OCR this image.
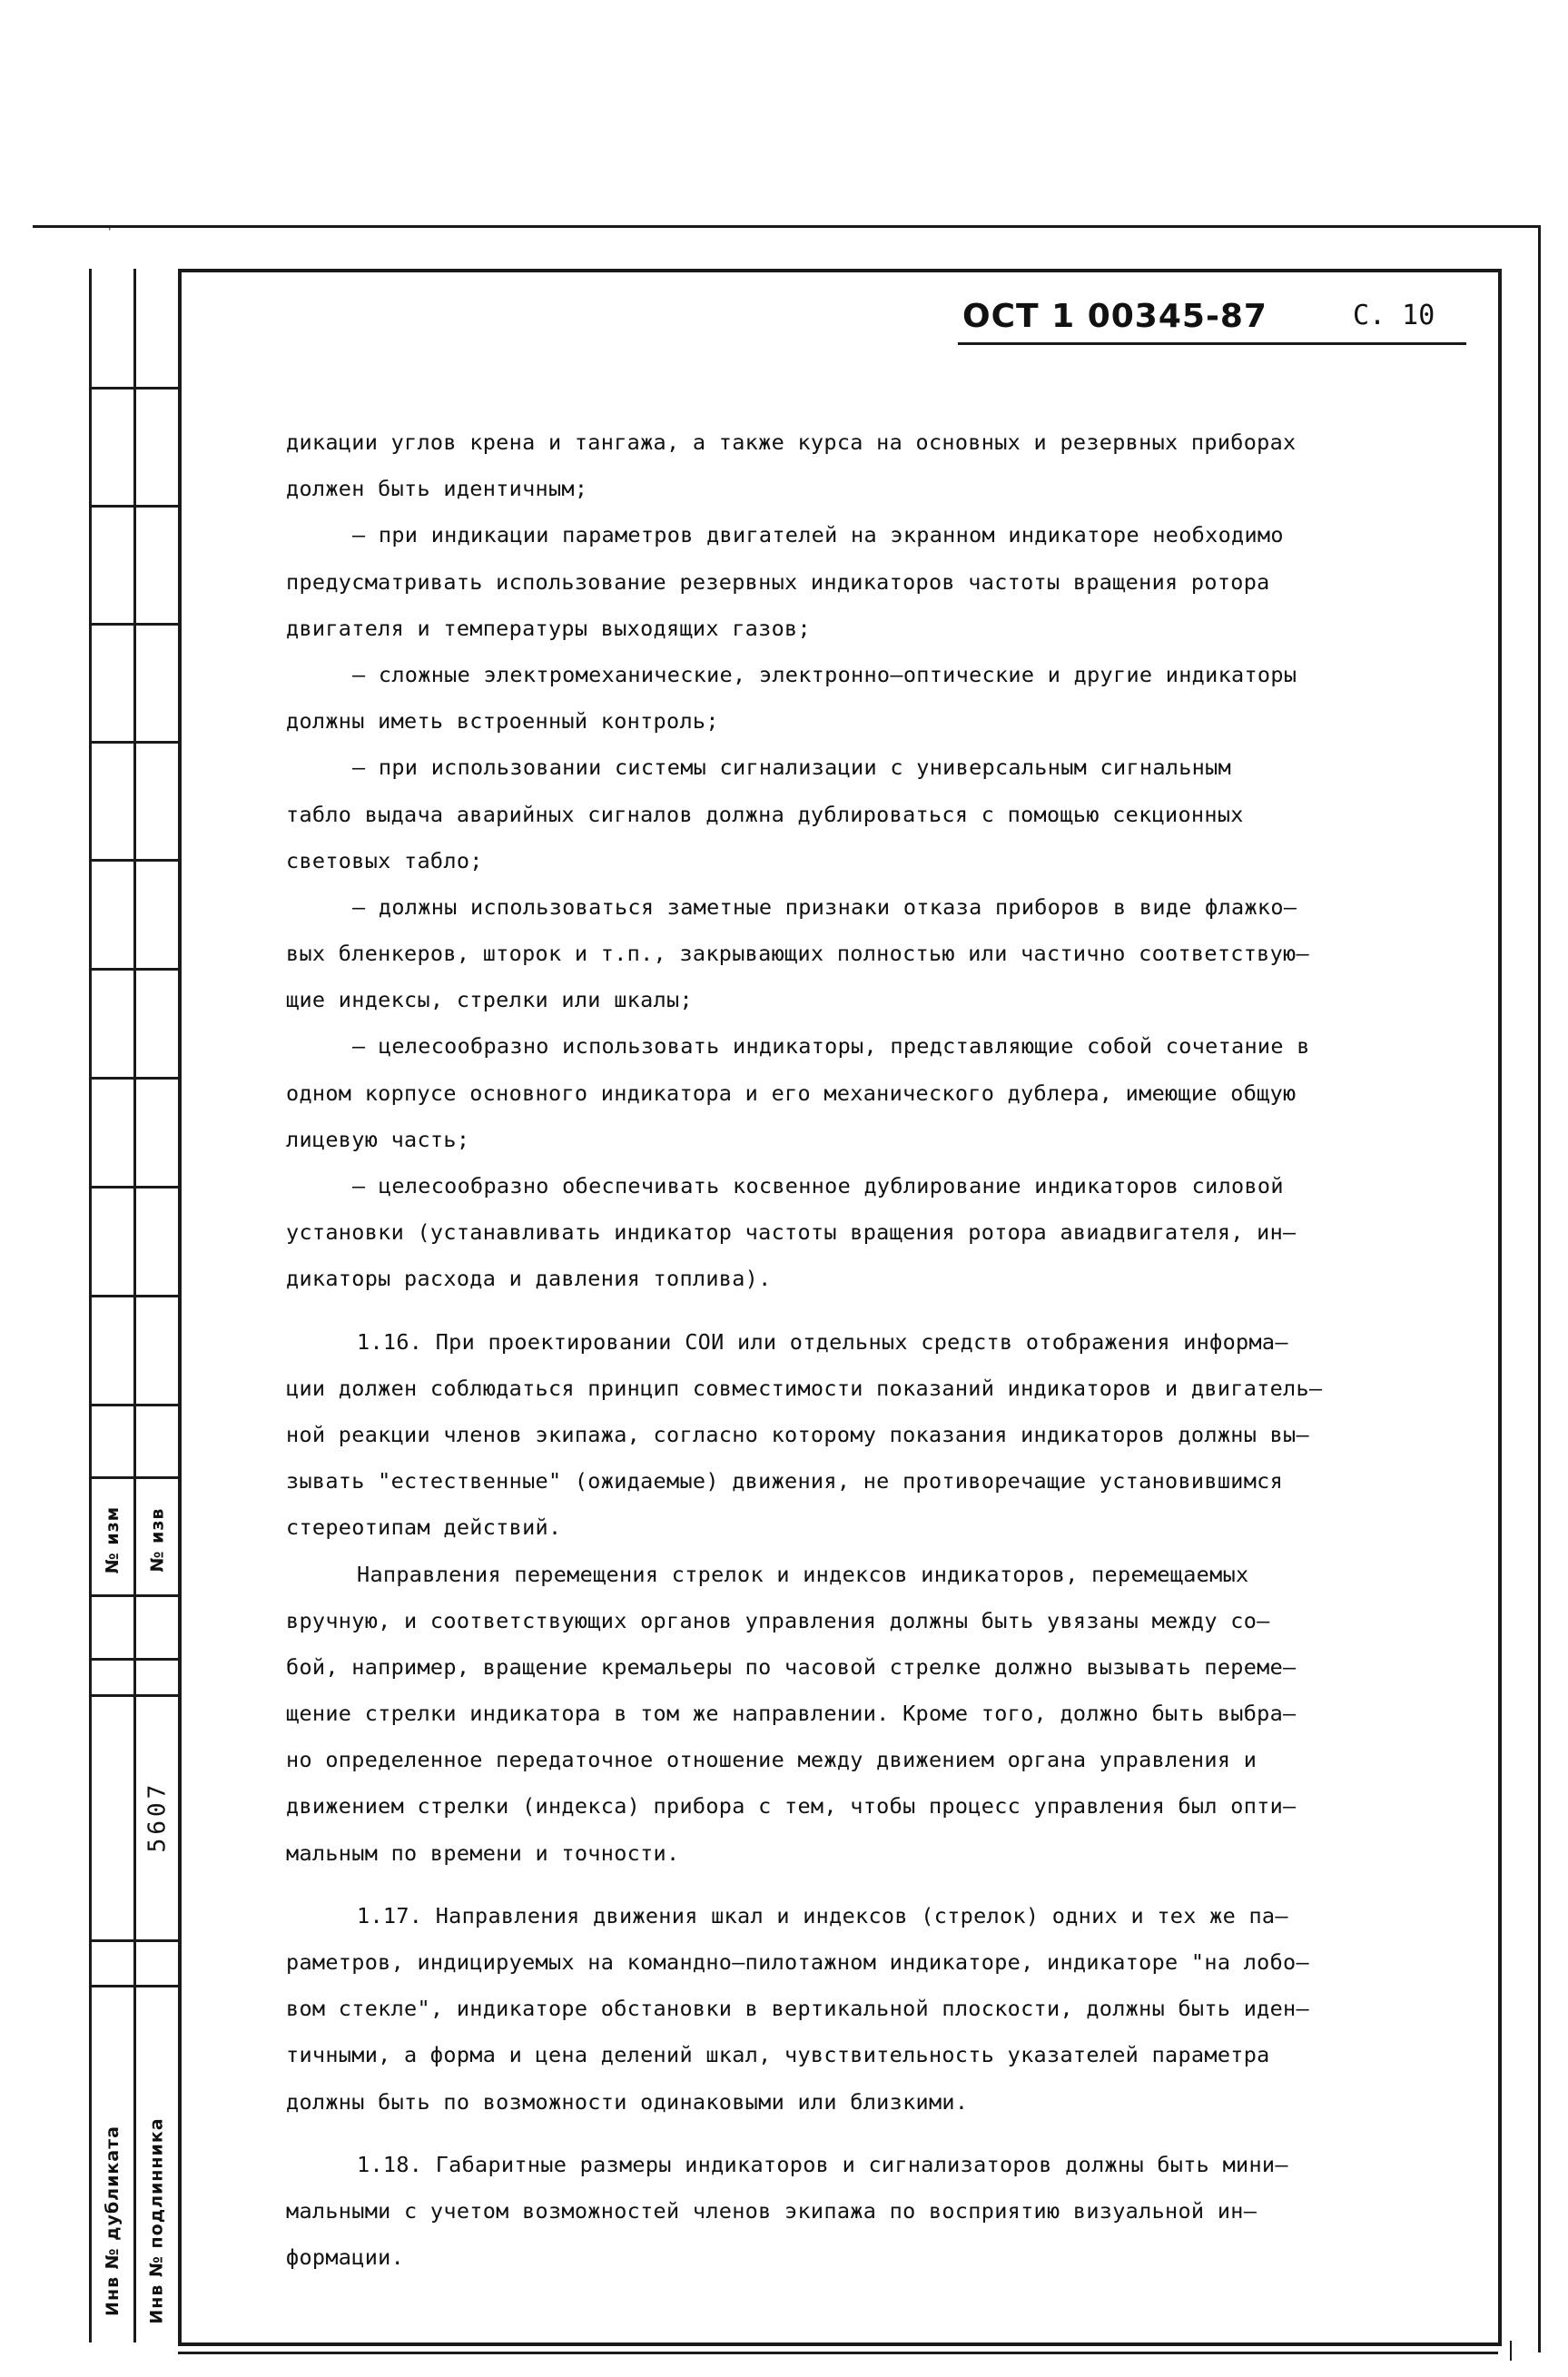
⌐
№ изм № изв
Инв № дубликата Инв № подлинника
5607
ОСТ 1 00345-87	С. 10
дикации углов крена и тангажа, а также курса на основных и резервных приборах
должен быть идентичным;
– при индикации параметров двигателей на экранном индикаторе необходимо
предусматривать использование резервных индикаторов частоты вращения ротора
двигателя и температуры выходящих газов;
– сложные электромеханические, электронно–оптические и другие индикаторы
должны иметь встроенный контроль;
– при использовании системы сигнализации с универсальным сигнальным
табло выдача аварийных сигналов должна дублироваться с помощью секционных
световых табло;
– должны использоваться заметные признаки отказа приборов в виде флажко–
вых бленкеров, шторок и т.п., закрывающих полностью или частично соответствую–
щие индексы, стрелки или шкалы;
– целесообразно использовать индикаторы, представляющие собой сочетание в
одном корпусе основного индикатора и его механического дублера, имеющие общую
лицевую часть;
– целесообразно обеспечивать косвенное дублирование индикаторов силовой
установки (устанавливать индикатор частоты вращения ротора авиадвигателя, ин–
дикаторы расхода и давления топлива).
1.16. При проектировании СОИ или отдельных средств отображения информа–
ции должен соблюдаться принцип совместимости показаний индикаторов и двигатель–
ной реакции членов экипажа, согласно которому показания индикаторов должны вы–
зывать "естественные" (ожидаемые) движения, не противоречащие установившимся
стереотипам действий.
Направления перемещения стрелок и индексов индикаторов, перемещаемых
вручную, и соответствующих органов управления должны быть увязаны между со–
бой, например, вращение кремальеры по часовой стрелке должно вызывать переме–
щение стрелки индикатора в том же направлении. Кроме того, должно быть выбра–
но определенное передаточное отношение между движением органа управления и
движением стрелки (индекса) прибора с тем, чтобы процесс управления был опти–
мальным по времени и точности.
1.17. Направления движения шкал и индексов (стрелок) одних и тех же па–
раметров, индицируемых на командно–пилотажном индикаторе, индикаторе "на лобо–
вом стекле", индикаторе обстановки в вертикальной плоскости, должны быть иден–
тичными, а форма и цена делений шкал, чувствительность указателей параметра
должны быть по возможности одинаковыми или близкими.
1.18. Габаритные размеры индикаторов и сигнализаторов должны быть мини–
мальными с учетом возможностей членов экипажа по восприятию визуальной ин–
формации.
